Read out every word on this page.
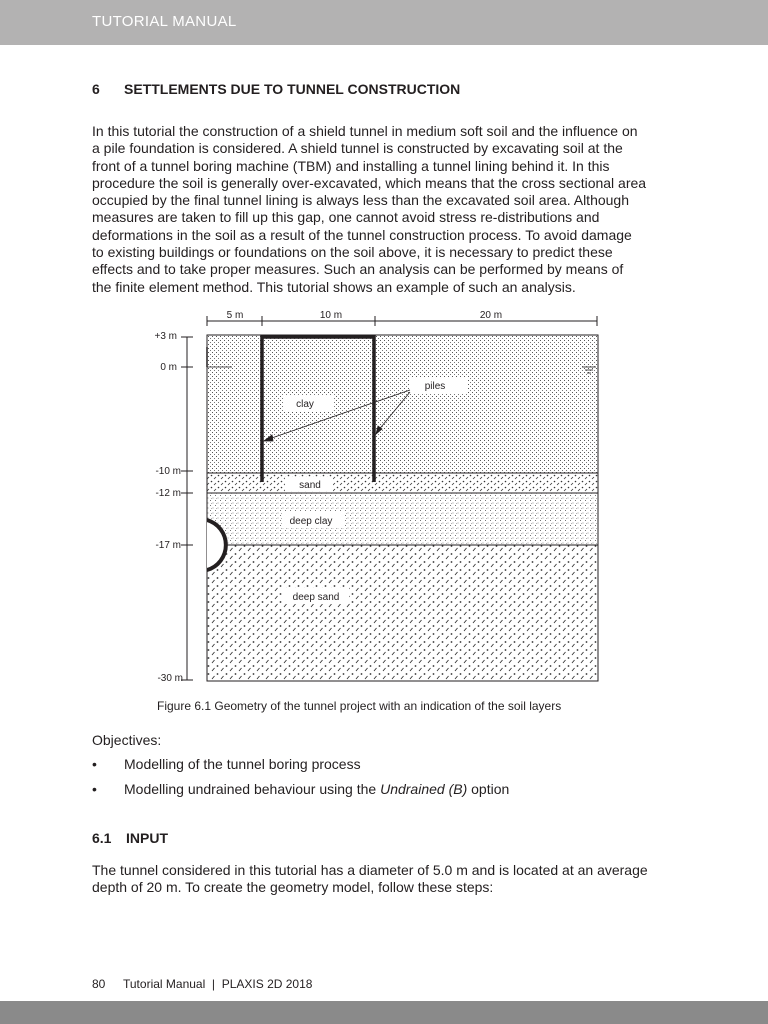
TUTORIAL MANUAL
6 SETTLEMENTS DUE TO TUNNEL CONSTRUCTION
In this tutorial the construction of a shield tunnel in medium soft soil and the influence on
a pile foundation is considered. A shield tunnel is constructed by excavating soil at the
front of a tunnel boring machine (TBM) and installing a tunnel lining behind it. In this
procedure the soil is generally over-excavated, which means that the cross sectional area
occupied by the final tunnel lining is always less than the excavated soil area. Although
measures are taken to fill up this gap, one cannot avoid stress re-distributions and
deformations in the soil as a result of the tunnel construction process. To avoid damage
to existing buildings or foundations on the soil above, it is necessary to predict these
effects and to take proper measures. Such an analysis can be performed by means of
the finite element method. This tutorial shows an example of such an analysis.
5 m	10 m	20 m
+3 m
0 m
-10 m
-12 m
-17 m
-30 m
clay
sand
deep clay
deep sand
piles
Figure 6.1 Geometry of the tunnel project with an indication of the soil layers
Objectives:
• Modelling of the tunnel boring process
• Modelling undrained behaviour using the Undrained (B) option
6.1 INPUT
The tunnel considered in this tutorial has a diameter of 5.0 m and is located at an average
depth of 20 m. To create the geometry model, follow these steps:
80 Tutorial Manual  |  PLAXIS 2D 2018
